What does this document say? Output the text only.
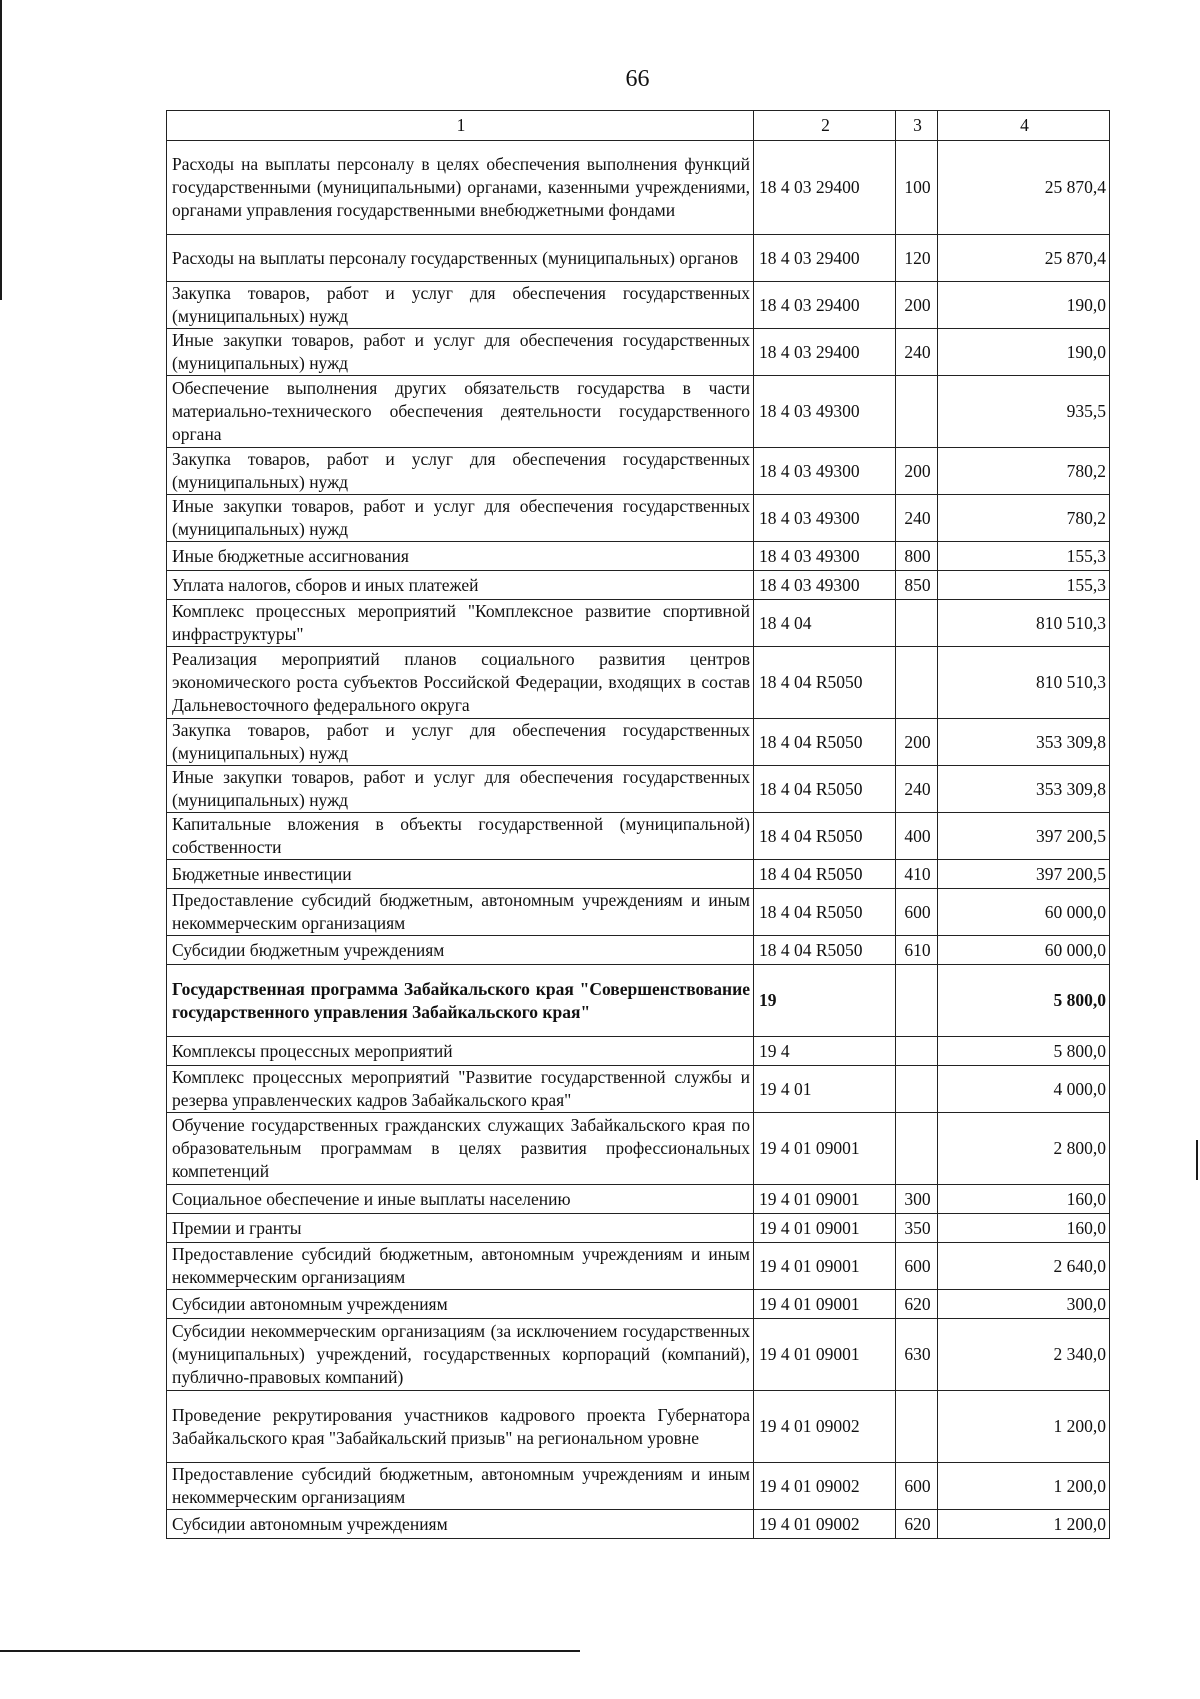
66
1	2	3	4
Расходы на выплаты персоналу в целях обеспечения выполнения функций государственными (муниципальными) органами, казенными учреждениями, органами управления государственными внебюджетными фондами	18 4 03 29400	100	25 870,4
Расходы на выплаты персоналу государственных (муниципальных) органов	18 4 03 29400	120	25 870,4
Закупка товаров, работ и услуг для обеспечения государственных (муниципальных) нужд	18 4 03 29400	200	190,0
Иные закупки товаров, работ и услуг для обеспечения государственных (муниципальных) нужд	18 4 03 29400	240	190,0
Обеспечение выполнения других обязательств государства в части материально-технического обеспечения деятельности государственного органа	18 4 03 49300		935,5
Закупка товаров, работ и услуг для обеспечения государственных (муниципальных) нужд	18 4 03 49300	200	780,2
Иные закупки товаров, работ и услуг для обеспечения государственных (муниципальных) нужд	18 4 03 49300	240	780,2
Иные бюджетные ассигнования	18 4 03 49300	800	155,3
Уплата налогов, сборов и иных платежей	18 4 03 49300	850	155,3
Комплекс процессных мероприятий "Комплексное развитие спортивной инфраструктуры"	18 4 04		810 510,3
Реализация мероприятий планов социального развития центров экономического роста субъектов Российской Федерации, входящих в состав Дальневосточного федерального округа	18 4 04 R5050		810 510,3
Закупка товаров, работ и услуг для обеспечения государственных (муниципальных) нужд	18 4 04 R5050	200	353 309,8
Иные закупки товаров, работ и услуг для обеспечения государственных (муниципальных) нужд	18 4 04 R5050	240	353 309,8
Капитальные вложения в объекты государственной (муниципальной) собственности	18 4 04 R5050	400	397 200,5
Бюджетные инвестиции	18 4 04 R5050	410	397 200,5
Предоставление субсидий бюджетным, автономным учреждениям и иным некоммерческим организациям	18 4 04 R5050	600	60 000,0
Субсидии бюджетным учреждениям	18 4 04 R5050	610	60 000,0
Государственная программа Забайкальского края "Совершенствование государственного управления Забайкальского края"	19		5 800,0
Комплексы процессных мероприятий	19 4		5 800,0
Комплекс процессных мероприятий "Развитие государственной службы и резерва управленческих кадров Забайкальского края"	19 4 01		4 000,0
Обучение государственных гражданских служащих Забайкальского края по образовательным программам в целях развития профессиональных компетенций	19 4 01 09001		2 800,0
Социальное обеспечение и иные выплаты населению	19 4 01 09001	300	160,0
Премии и гранты	19 4 01 09001	350	160,0
Предоставление субсидий бюджетным, автономным учреждениям и иным некоммерческим организациям	19 4 01 09001	600	2 640,0
Субсидии автономным учреждениям	19 4 01 09001	620	300,0
Субсидии некоммерческим организациям (за исключением государственных (муниципальных) учреждений, государственных корпораций (компаний), публично-правовых компаний)	19 4 01 09001	630	2 340,0
Проведение рекрутирования участников кадрового проекта Губернатора Забайкальского края "Забайкальский призыв" на региональном уровне	19 4 01 09002		1 200,0
Предоставление субсидий бюджетным, автономным учреждениям и иным некоммерческим организациям	19 4 01 09002	600	1 200,0
Субсидии автономным учреждениям	19 4 01 09002	620	1 200,0
